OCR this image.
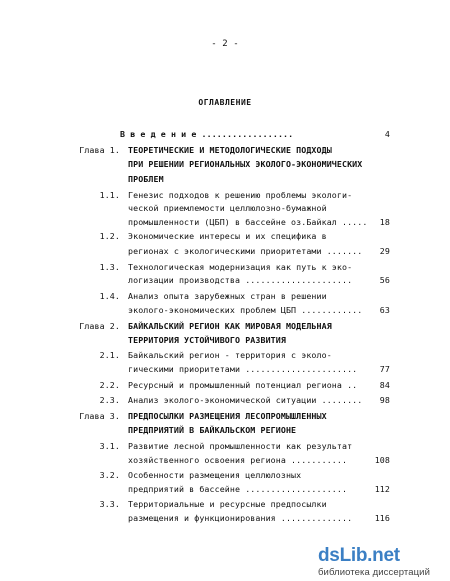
- 2 -
ОГЛАВЛЕНИЕ
В в е д е н и е ..................	4
Глава 1. ТЕОРЕТИЧЕСКИЕ И МЕТОДОЛОГИЧЕСКИЕ ПОДХОДЫ
ПРИ РЕШЕНИИ РЕГИОНАЛЬНЫХ ЭКОЛОГО-ЭКОНОМИЧЕСКИХ
ПРОБЛЕМ
1.1. Генезис подходов к решению проблемы экологи-
ческой приемлемости целлюлозно-бумажной
промышленности (ЦБП) в бассейне оз.Байкал ..... 18
1.2. Экономические интересы и их специфика в
регионах с экологическими приоритетами ....... 29
1.3. Технологическая модернизация как путь к эко-
логизации производства .....................	56
1.4. Анализ опыта зарубежных стран в решении
эколого-экономических проблем ЦБП ............ 63
Глава 2. БАЙКАЛЬСКИЙ РЕГИОН КАК МИРОВАЯ МОДЕЛЬНАЯ
ТЕРРИТОРИЯ УСТОЙЧИВОГО РАЗВИТИЯ
2.1. Байкальский регион - территория с эколо-
гическими приоритетами ......................	77
2.2. Ресурсный и промышленный потенциал региона ..	84
2.3. Анализ эколого-экономической ситуации ........ 98
Глава 3. ПРЕДПОСЫЛКИ РАЗМЕЩЕНИЯ ЛЕСОПРОМЫШЛЕННЫХ
ПРЕДПРИЯТИЙ В БАЙКАЛЬСКОМ РЕГИОНЕ
3.1. Развитие лесной промышленности как результат
хозяйственного освоения региона ...........	108
3.2. Особенности размещения целлюлозных
предприятий в бассейне ....................	112
3.3. Территориальные и ресурсные предпосылки
размещения и функционирования ..............	116
dsLib.net
библиотека диссертаций
